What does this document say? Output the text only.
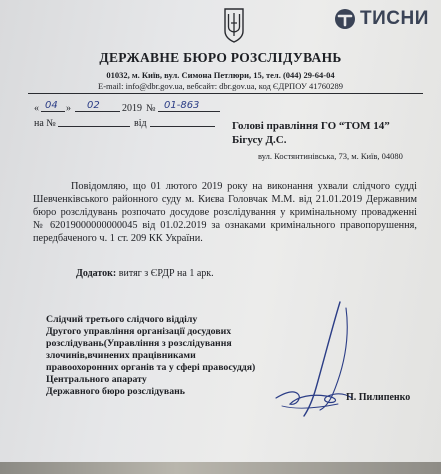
ТИСНИ
ДЕРЖАВНЕ БЮРО РОЗСЛІДУВАНЬ
01032, м. Київ, вул. Симона Петлюри, 15, тел. (044) 29-64-04
E-mail: info@dbr.gov.ua, вебсайт: dbr.gov.ua, код ЄДРПОУ 41760289
« 04 » 02 2019 № 01-863
на №	від	Голові правління ГО “ТОМ 14”
Бігусу Д.С.
вул. Костянтинівська, 73, м. Київ, 04080
Повідомляю, що 01 лютого 2019 року на виконання ухвали слідчого судді Шевченківського районного суду м. Києва Головчак М.М. від 21.01.2019 Державним бюро розслідувань розпочато досудове розслідування у кримінальному провадженні № 62019000000000045 від 01.02.2019 за ознаками кримінального правопорушення, передбаченого ч. 1 ст. 209 КК України.
Додаток: витяг з ЄРДР на 1 арк.
Слідчий третього слідчого відділу
Другого управління організації досудових
розслідувань(Управління з розслідування
злочинів,вчинених працівниками
правоохоронних органів та у сфері правосуддя)
Центрального апарату
Державного бюро розслідувань
П. Пилипенко
